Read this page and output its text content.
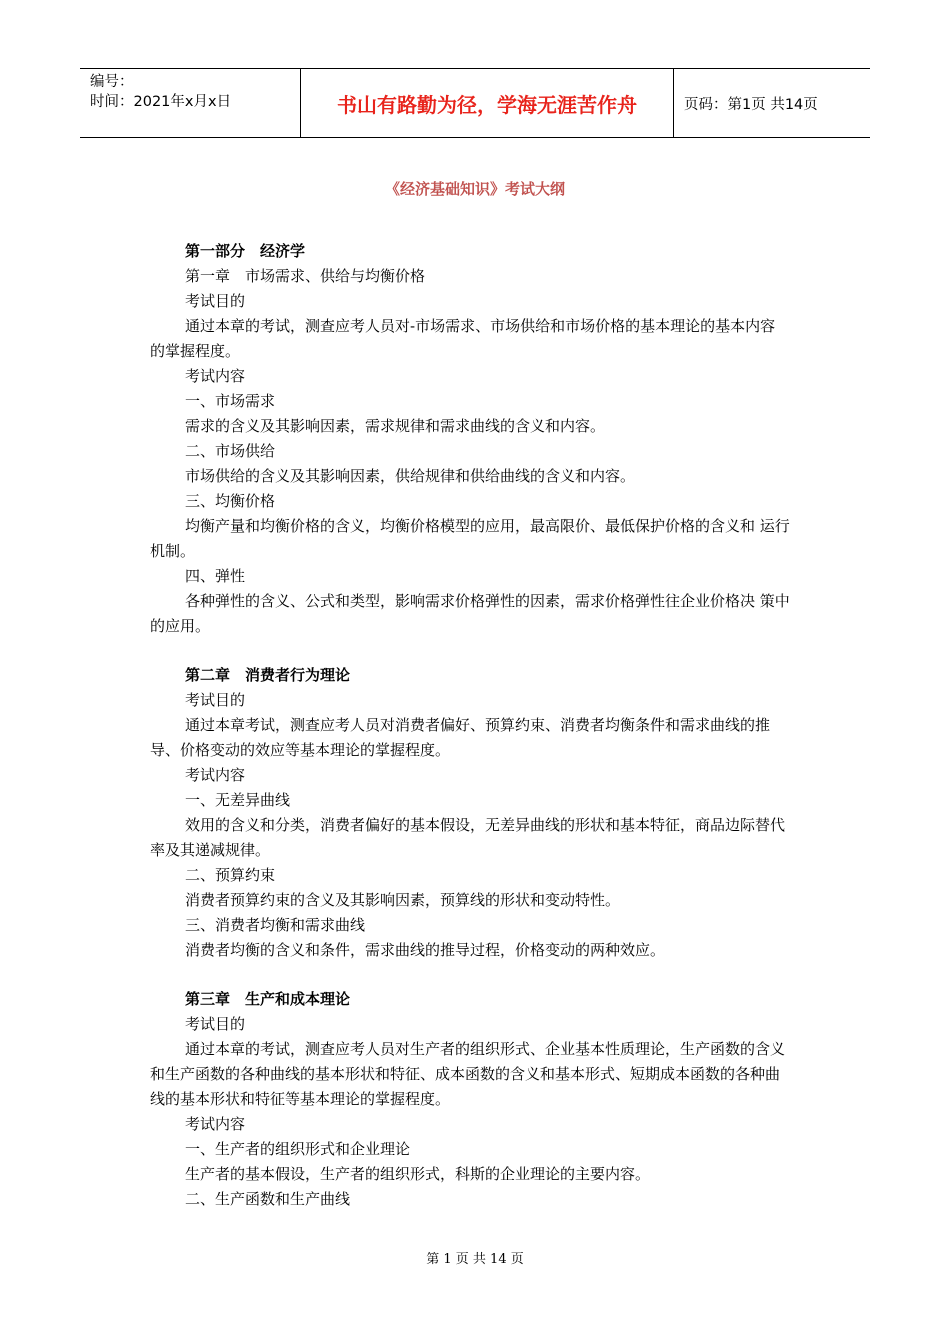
编号：
时间：2021年x月x日	书山有路勤为径，学海无涯苦作舟	页码：第1页 共14页
《经济基础知识》考试大纲
第一部分　经济学
第一章　市场需求、供给与均衡价格
考试目的
通过本章的考试，测查应考人员对-市场需求、市场供给和市场价格的基本理论的基本内容的掌握程度。
考试内容
一、市场需求
需求的含义及其影响因素，需求规律和需求曲线的含义和内容。
二、市场供给
市场供给的含义及其影响因素，供给规律和供给曲线的含义和内容。
三、均衡价格
均衡产量和均衡价格的含义，均衡价格模型的应用，最高限价、最低保护价格的含义和 运行机制。
四、弹性
各种弹性的含义、公式和类型，影响需求价格弹性的因素，需求价格弹性往企业价格决 策中的应用。
第二章　消费者行为理论
考试目的
通过本章考试，测查应考人员对消费者偏好、预算约束、消费者均衡条件和需求曲线的推导、价格变动的效应等基本理论的掌握程度。
考试内容
一、无差异曲线
效用的含义和分类，消费者偏好的基本假设，无差异曲线的形状和基本特征，商品边际替代率及其递减规律。
二、预算约束
消费者预算约束的含义及其影响因素，预算线的形状和变动特性。
三、消费者均衡和需求曲线
消费者均衡的含义和条件，需求曲线的推导过程，价格变动的两种效应。
第三章　生产和成本理论
考试目的
通过本章的考试，测查应考人员对生产者的组织形式、企业基本性质理论，生产函数的含义和生产函数的各种曲线的基本形状和特征、成本函数的含义和基本形式、短期成本函数的各种曲线的基本形状和特征等基本理论的掌握程度。
考试内容
一、生产者的组织形式和企业理论
生产者的基本假设，生产者的组织形式，科斯的企业理论的主要内容。
二、生产函数和生产曲线
第 1 页 共 14 页
